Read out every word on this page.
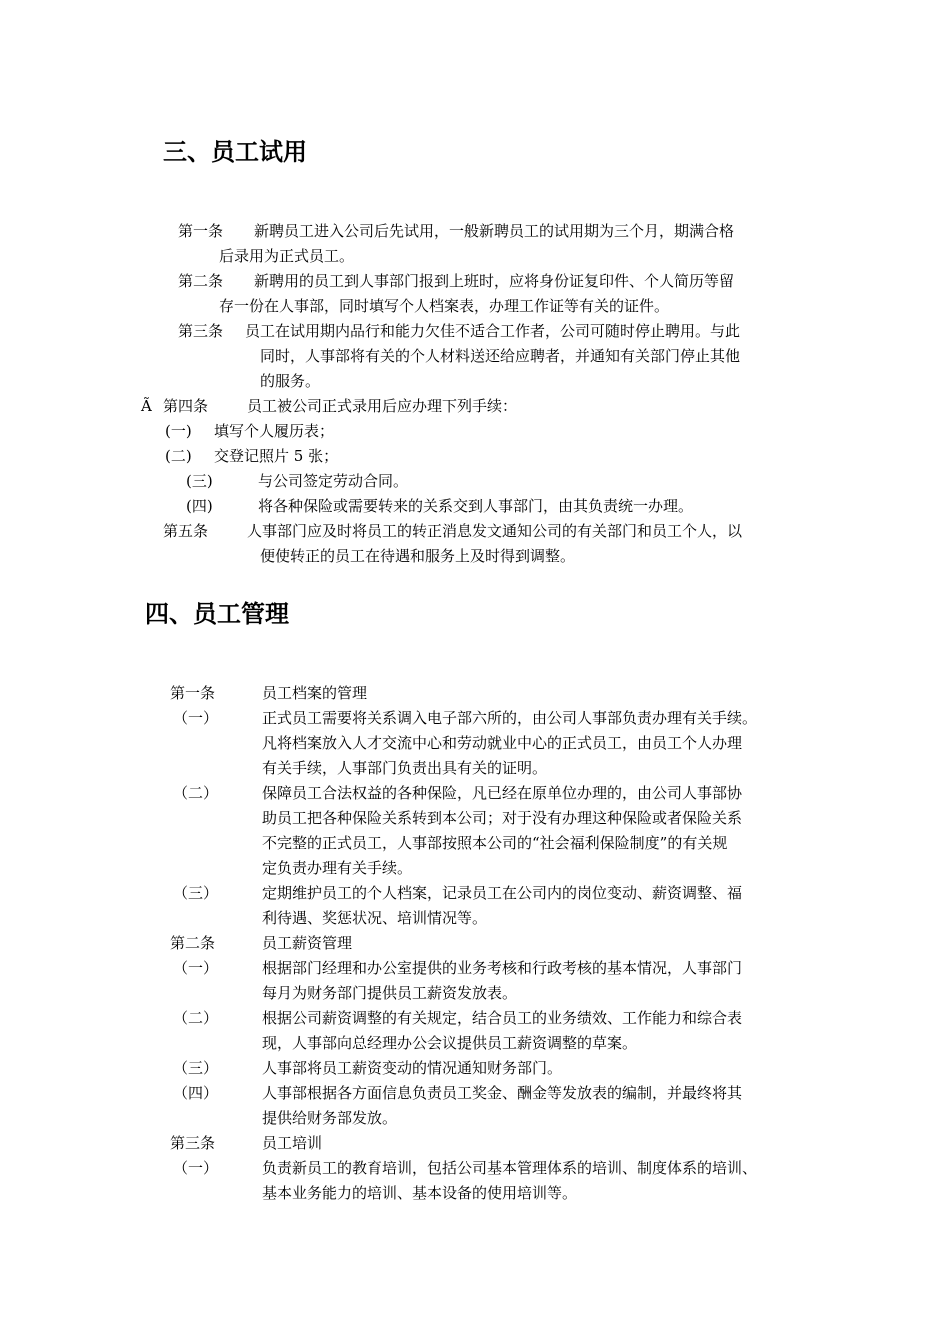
三、员工试用
第一条 新聘员工进入公司后先试用，一般新聘员工的试用期为三个月，期满合格
后录用为正式员工。
第二条 新聘用的员工到人事部门报到上班时，应将身份证复印件、个人简历等留
存一份在人事部，同时填写个人档案表，办理工作证等有关的证件。
第三条 员工在试用期内品行和能力欠佳不适合工作者，公司可随时停止聘用。与此
同时，人事部将有关的个人材料送还给应聘者，并通知有关部门停止其他
的服务。
Ã 第四条	员工被公司正式录用后应办理下列手续：
(一) 填写个人履历表；
(二) 交登记照片 5 张；
(三)	与公司签定劳动合同。
(四)	将各种保险或需要转来的关系交到人事部门，由其负责统一办理。
第五条	人事部门应及时将员工的转正消息发文通知公司的有关部门和员工个人，以
便使转正的员工在待遇和服务上及时得到调整。
四、员工管理
第一条	员工档案的管理
（一）	正式员工需要将关系调入电子部六所的，由公司人事部负责办理有关手续。
凡将档案放入人才交流中心和劳动就业中心的正式员工，由员工个人办理
有关手续，人事部门负责出具有关的证明。
（二）	保障员工合法权益的各种保险，凡已经在原单位办理的，由公司人事部协
助员工把各种保险关系转到本公司；对于没有办理这种保险或者保险关系
不完整的正式员工，人事部按照本公司的“社会福利保险制度”的有关规
定负责办理有关手续。
（三）	定期维护员工的个人档案，记录员工在公司内的岗位变动、薪资调整、福
利待遇、奖惩状况、培训情况等。
第二条	员工薪资管理
（一）	根据部门经理和办公室提供的业务考核和行政考核的基本情况，人事部门
每月为财务部门提供员工薪资发放表。
（二）	根据公司薪资调整的有关规定，结合员工的业务绩效、工作能力和综合表
现，人事部向总经理办公会议提供员工薪资调整的草案。
（三）	人事部将员工薪资变动的情况通知财务部门。
（四）	人事部根据各方面信息负责员工奖金、酬金等发放表的编制，并最终将其
提供给财务部发放。
第三条	员工培训
（一）	负责新员工的教育培训，包括公司基本管理体系的培训、制度体系的培训、
基本业务能力的培训、基本设备的使用培训等。
